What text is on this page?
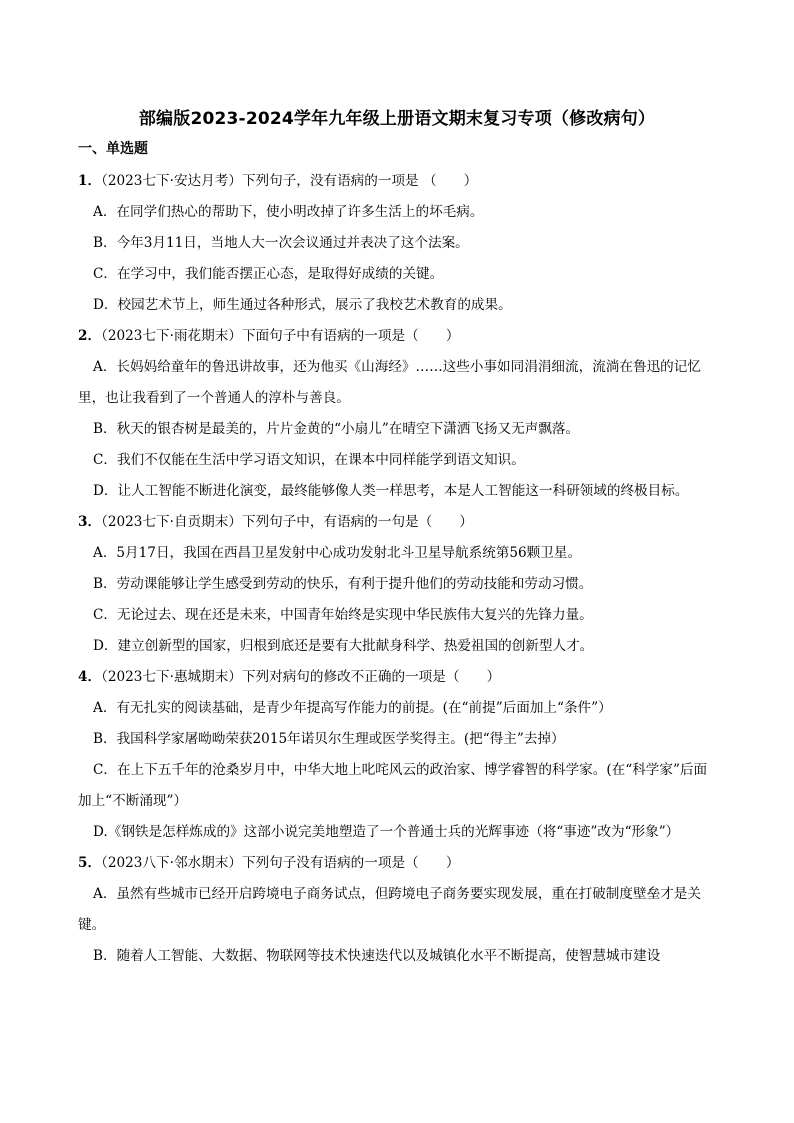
部编版2023-2024学年九年级上册语文期末复习专项（修改病句）
一、单选题

1．（2023七下·安达月考）下列句子，没有语病的一项是 （　　）

A．在同学们热心的帮助下，使小明改掉了许多生活上的坏毛病。

B．今年3月11日，当地人大一次会议通过并表决了这个法案。

C．在学习中，我们能否摆正心态，是取得好成绩的关键。

D．校园艺术节上，师生通过各种形式，展示了我校艺术教育的成果。

2．（2023七下·雨花期末）下面句子中有语病的一项是（　　）

A．长妈妈给童年的鲁迅讲故事，还为他买《山海经》……这些小事如同涓涓细流，流淌在鲁迅的记忆里，也让我看到了一个普通人的淳朴与善良。

B．秋天的银杏树是最美的，片片金黄的“小扇儿”在晴空下潇洒飞扬又无声飘落。

C．我们不仅能在生活中学习语文知识，在课本中同样能学到语文知识。

D．让人工智能不断进化演变，最终能够像人类一样思考，本是人工智能这一科研领域的终极目标。

3．（2023七下·自贡期末）下列句子中，有语病的一句是（　　）

A．5月17日，我国在西昌卫星发射中心成功发射北斗卫星导航系统第56颗卫星。

B．劳动课能够让学生感受到劳动的快乐，有利于提升他们的劳动技能和劳动习惯。

C．无论过去、现在还是未来，中国青年始终是实现中华民族伟大复兴的先锋力量。

D．建立创新型的国家，归根到底还是要有大批献身科学、热爱祖国的创新型人才。

4．（2023七下·惠城期末）下列对病句的修改不正确的一项是（　　）

A．有无扎实的阅读基础，是青少年提高写作能力的前提。(在“前提”后面加上“条件”）

B．我国科学家屠呦呦荣获2015年诺贝尔生理或医学奖得主。(把“得主”去掉）

C．在上下五千年的沧桑岁月中，中华大地上叱咤风云的政治家、博学睿智的科学家。(在“科学家”后面加上“不断涌现”）

D.《钢铁是怎样炼成的》这部小说完美地塑造了一个普通士兵的光辉事迹（将“事迹”改为“形象”）

5．（2023八下·邻水期末）下列句子没有语病的一项是（　　）

A．虽然有些城市已经开启跨境电子商务试点，但跨境电子商务要实现发展，重在打破制度壁垒才是关键。

B．随着人工智能、大数据、物联网等技术快速迭代以及城镇化水平不断提高，使智慧城市建设
